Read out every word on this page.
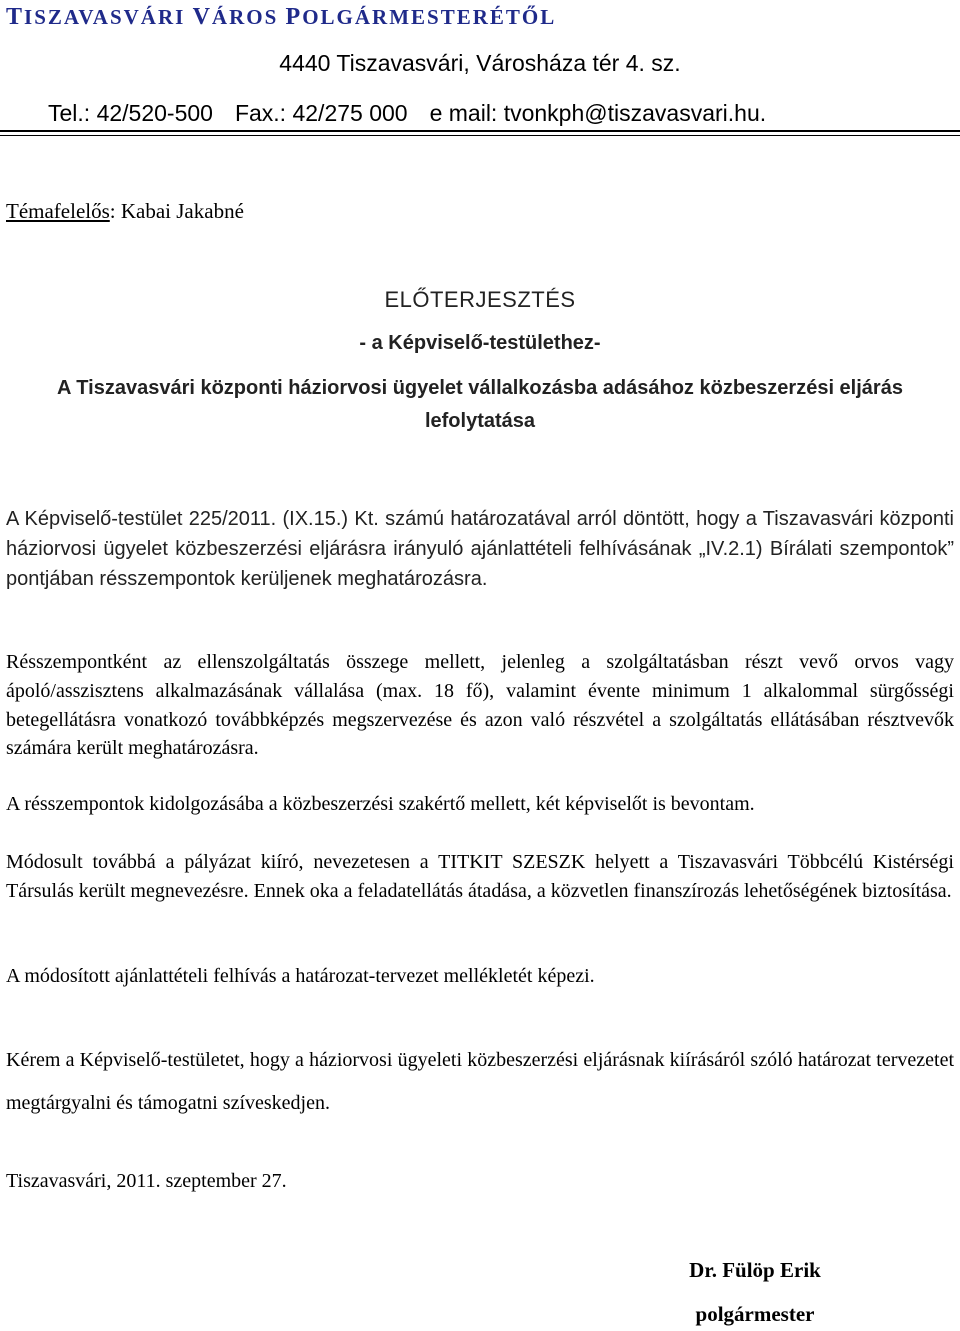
TISZAVASVÁRI VÁROS POLGÁRMESTERÉTŐL
4440 Tiszavasvári, Városháza tér 4. sz.
Tel.: 42/520-500 Fax.: 42/275 000 e mail: tvonkph@tiszavasvari.hu.
Témafelelős: Kabai Jakabné
ELŐTERJESZTÉS
- a Képviselő-testülethez-
A Tiszavasvári központi háziorvosi ügyelet vállalkozásba adásához közbeszerzési eljárás lefolytatása
A Képviselő-testület 225/2011. (IX.15.) Kt. számú határozatával arról döntött, hogy a Tiszavasvári központi háziorvosi ügyelet közbeszerzési eljárásra irányuló ajánlattételi felhívásának „IV.2.1) Bírálati szempontok” pontjában résszempontok kerüljenek meghatározásra.
Résszempontként az ellenszolgáltatás összege mellett, jelenleg a szolgáltatásban részt vevő orvos vagy ápoló/asszisztens alkalmazásának vállalása (max. 18 fő), valamint évente minimum 1 alkalommal sürgősségi betegellátásra vonatkozó továbbképzés megszervezése és azon való részvétel a szolgáltatás ellátásában résztvevők számára került meghatározásra.
A résszempontok kidolgozásába a közbeszerzési szakértő mellett, két képviselőt is bevontam.
Módosult továbbá a pályázat kiíró, nevezetesen a TITKIT SZESZK helyett a Tiszavasvári Többcélú Kistérségi Társulás került megnevezésre. Ennek oka a feladatellátás átadása, a közvetlen finanszírozás lehetőségének biztosítása.
A módosított ajánlattételi felhívás a határozat-tervezet mellékletét képezi.
Kérem a Képviselő-testületet, hogy a háziorvosi ügyeleti közbeszerzési eljárásnak kiírásáról szóló határozat tervezetet megtárgyalni és támogatni szíveskedjen.
Tiszavasvári, 2011. szeptember 27.
Dr. Fülöp Erik
polgármester
